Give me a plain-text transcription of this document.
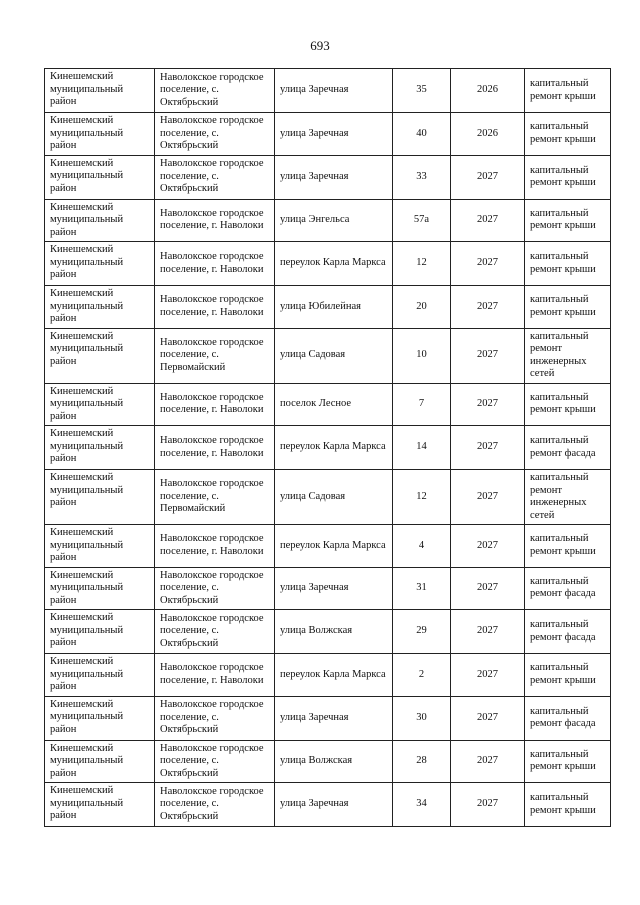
693
Кинешемский муниципальный район	Наволокское городское поселение, с. Октябрьский	улица Заречная	35	2026	капитальный ремонт крыши
Кинешемский муниципальный район	Наволокское городское поселение, с. Октябрьский	улица Заречная	40	2026	капитальный ремонт крыши
Кинешемский муниципальный район	Наволокское городское поселение, с. Октябрьский	улица Заречная	33	2027	капитальный ремонт крыши
Кинешемский муниципальный район	Наволокское городское поселение, г. Наволоки	улица Энгельса	57а	2027	капитальный ремонт крыши
Кинешемский муниципальный район	Наволокское городское поселение, г. Наволоки	переулок Карла Маркса	12	2027	капитальный ремонт крыши
Кинешемский муниципальный район	Наволокское городское поселение, г. Наволоки	улица Юбилейная	20	2027	капитальный ремонт крыши
Кинешемский муниципальный район	Наволокское городское поселение, с. Первомайский	улица Садовая	10	2027	капитальный ремонт инженерных сетей
Кинешемский муниципальный район	Наволокское городское поселение, г. Наволоки	поселок Лесное	7	2027	капитальный ремонт крыши
Кинешемский муниципальный район	Наволокское городское поселение, г. Наволоки	переулок Карла Маркса	14	2027	капитальный ремонт фасада
Кинешемский муниципальный район	Наволокское городское поселение, с. Первомайский	улица Садовая	12	2027	капитальный ремонт инженерных сетей
Кинешемский муниципальный район	Наволокское городское поселение, г. Наволоки	переулок Карла Маркса	4	2027	капитальный ремонт крыши
Кинешемский муниципальный район	Наволокское городское поселение, с. Октябрьский	улица Заречная	31	2027	капитальный ремонт фасада
Кинешемский муниципальный район	Наволокское городское поселение, с. Октябрьский	улица Волжская	29	2027	капитальный ремонт фасада
Кинешемский муниципальный район	Наволокское городское поселение, г. Наволоки	переулок Карла Маркса	2	2027	капитальный ремонт крыши
Кинешемский муниципальный район	Наволокское городское поселение, с. Октябрьский	улица Заречная	30	2027	капитальный ремонт фасада
Кинешемский муниципальный район	Наволокское городское поселение, с. Октябрьский	улица Волжская	28	2027	капитальный ремонт крыши
Кинешемский муниципальный район	Наволокское городское поселение, с. Октябрьский	улица Заречная	34	2027	капитальный ремонт крыши
